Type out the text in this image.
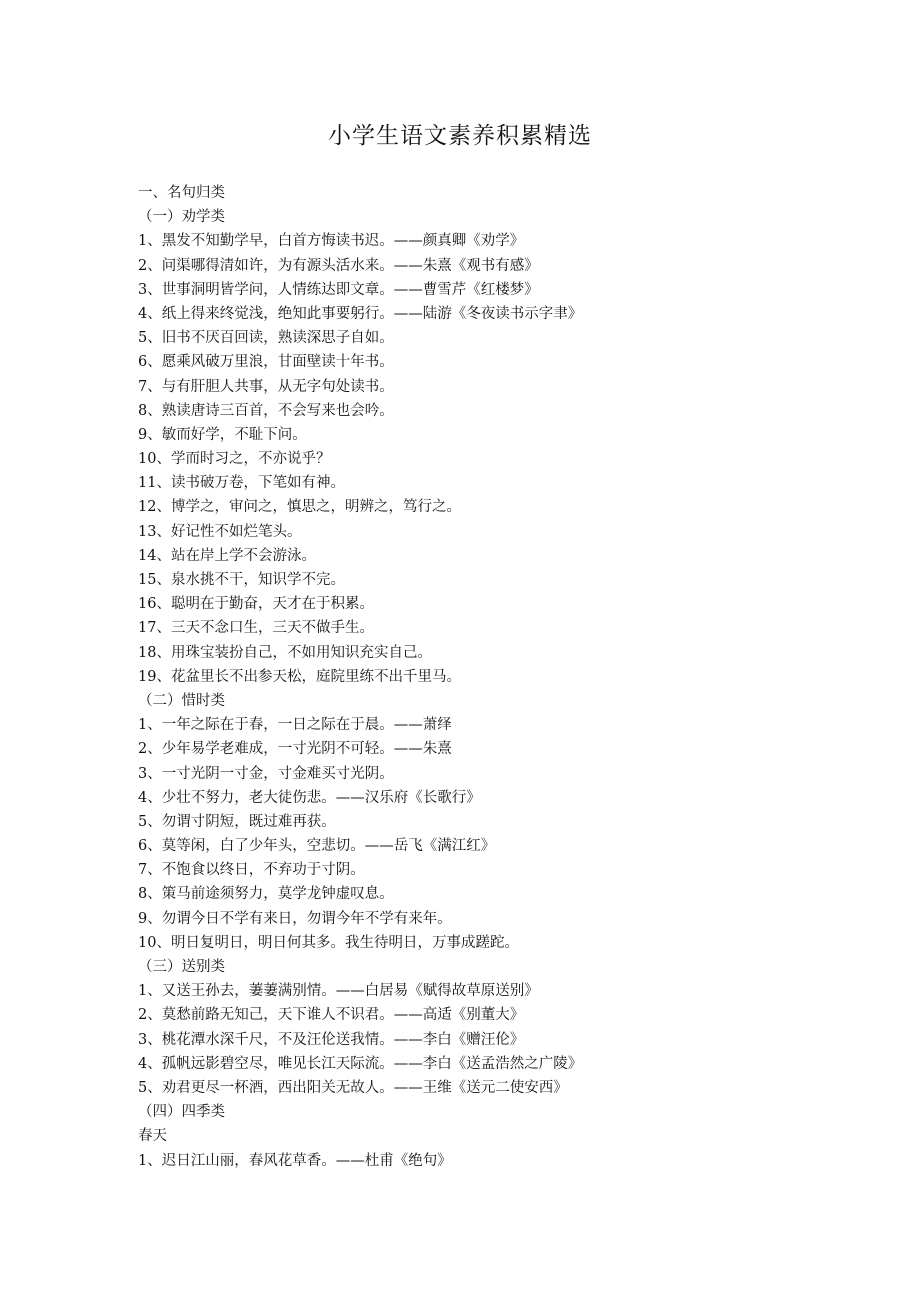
小学生语文素养积累精选
一、名句归类
（一）劝学类
1、黑发不知勤学早，白首方悔读书迟。——颜真卿《劝学》
2、问渠哪得清如许，为有源头活水来。——朱熹《观书有感》
3、世事洞明皆学问，人情练达即文章。——曹雪芹《红楼梦》
4、纸上得来终觉浅，绝知此事要躬行。——陆游《冬夜读书示字聿》
5、旧书不厌百回读，熟读深思子自如。
6、愿乘风破万里浪，甘面壁读十年书。
7、与有肝胆人共事，从无字句处读书。
8、熟读唐诗三百首，不会写来也会吟。
9、敏而好学，不耻下问。
10、学而时习之，不亦说乎？
11、读书破万卷，下笔如有神。
12、博学之，审问之，慎思之，明辨之，笃行之。
13、好记性不如烂笔头。
14、站在岸上学不会游泳。
15、泉水挑不干，知识学不完。
16、聪明在于勤奋，天才在于积累。
17、三天不念口生，三天不做手生。
18、用珠宝装扮自己，不如用知识充实自己。
19、花盆里长不出参天松，庭院里练不出千里马。
（二）惜时类
1、一年之际在于春，一日之际在于晨。——萧绎
2、少年易学老难成，一寸光阴不可轻。——朱熹
3、一寸光阴一寸金，寸金难买寸光阴。
4、少壮不努力，老大徒伤悲。——汉乐府《长歌行》
5、勿谓寸阴短，既过难再获。
6、莫等闲，白了少年头，空悲切。——岳飞《满江红》
7、不饱食以终日，不弃功于寸阴。
8、策马前途须努力，莫学龙钟虚叹息。
9、勿谓今日不学有来日，勿谓今年不学有来年。
10、明日复明日，明日何其多。我生待明日，万事成蹉跎。
（三）送别类
1、又送王孙去，萋萋满别情。——白居易《赋得故草原送别》
2、莫愁前路无知己，天下谁人不识君。——高适《别董大》
3、桃花潭水深千尺，不及汪伦送我情。——李白《赠汪伦》
4、孤帆远影碧空尽，唯见长江天际流。——李白《送孟浩然之广陵》
5、劝君更尽一杯酒，西出阳关无故人。——王维《送元二使安西》
（四）四季类
春天
1、迟日江山丽，春风花草香。——杜甫《绝句》
